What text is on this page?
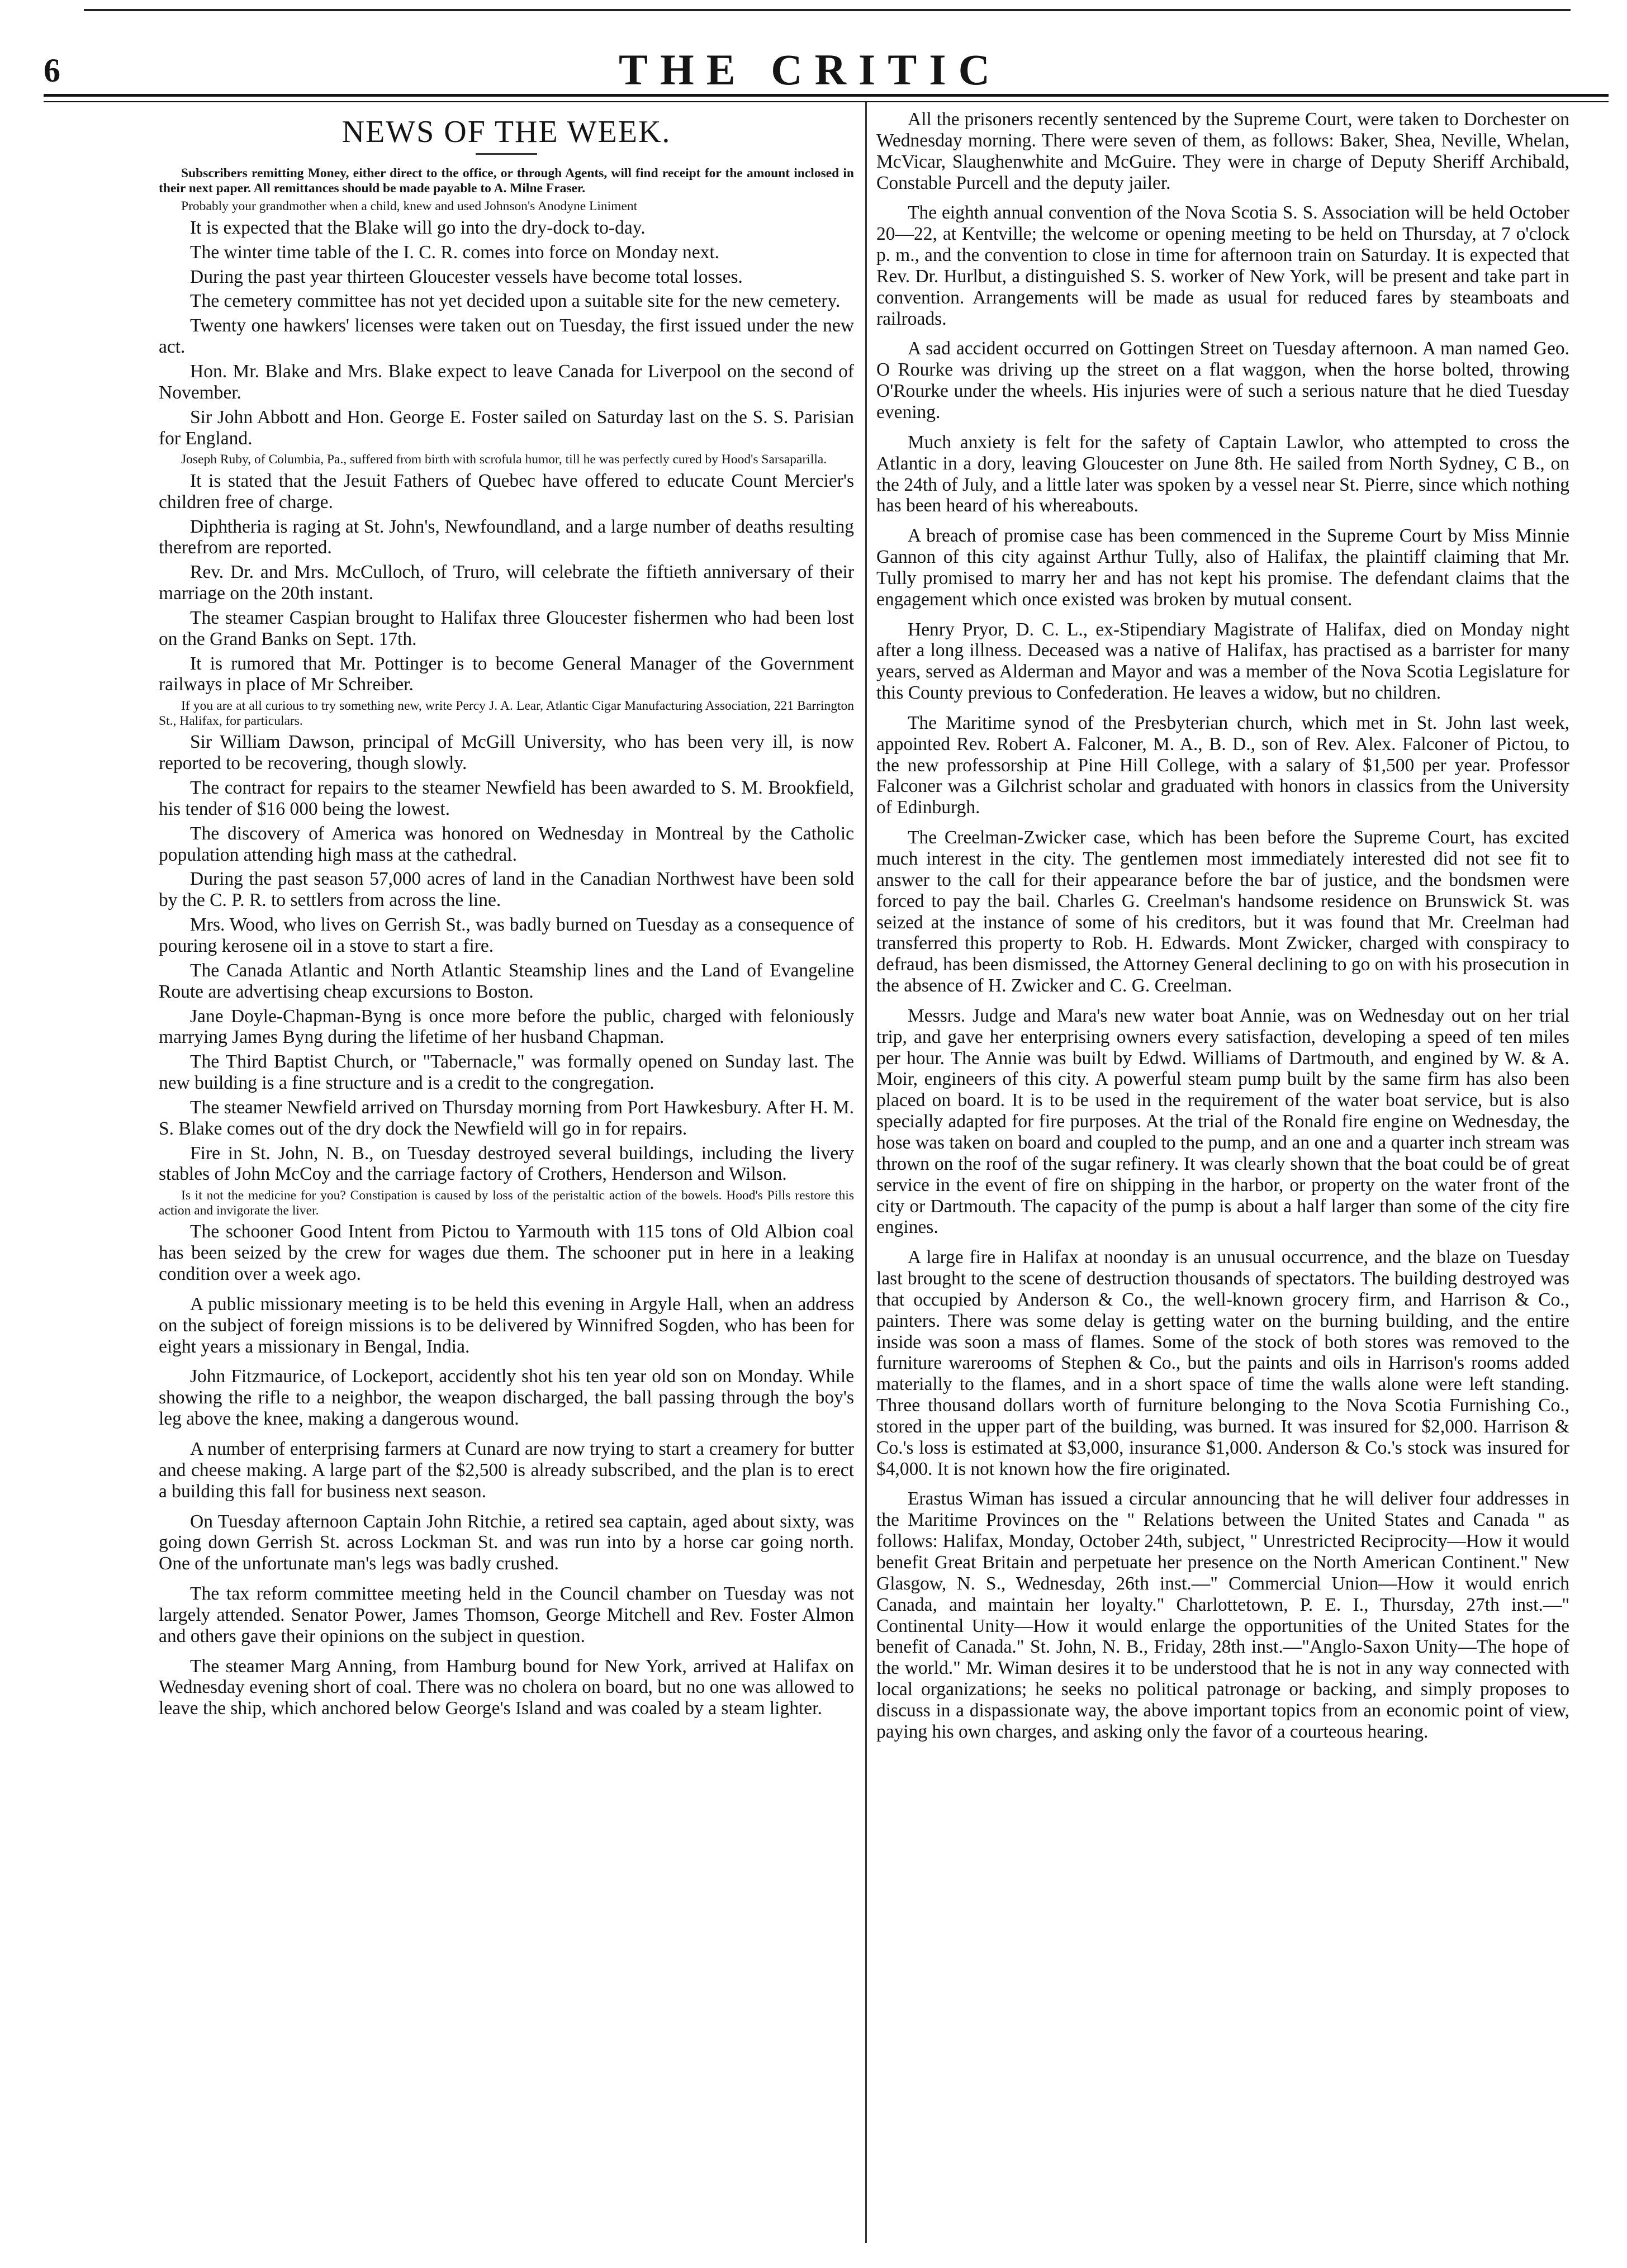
6	THE CRITIC
NEWS OF THE WEEK.

Subscribers remitting Money, either direct to the office, or through Agents, will find receipt for the amount inclosed in their next paper. All remittances should be made payable to A. Milne Fraser.

Probably your grandmother when a child, knew and used Johnson's Anodyne Liniment

It is expected that the Blake will go into the dry-dock to-day.

The winter time table of the I. C. R. comes into force on Monday next.

During the past year thirteen Gloucester vessels have become total losses.

The cemetery committee has not yet decided upon a suitable site for the new cemetery.

Twenty one hawkers' licenses were taken out on Tuesday, the first issued under the new act.

Hon. Mr. Blake and Mrs. Blake expect to leave Canada for Liverpool on the second of November.

Sir John Abbott and Hon. George E. Foster sailed on Saturday last on the S. S. Parisian for England.

Joseph Ruby, of Columbia, Pa., suffered from birth with scrofula humor, till he was perfectly cured by Hood's Sarsaparilla.

It is stated that the Jesuit Fathers of Quebec have offered to educate Count Mercier's children free of charge.

Diphtheria is raging at St. John's, Newfoundland, and a large number of deaths resulting therefrom are reported.

Rev. Dr. and Mrs. McCulloch, of Truro, will celebrate the fiftieth anniversary of their marriage on the 20th instant.

The steamer Caspian brought to Halifax three Gloucester fishermen who had been lost on the Grand Banks on Sept. 17th.

It is rumored that Mr. Pottinger is to become General Manager of the Government railways in place of Mr Schreiber.

If you are at all curious to try something new, write Percy J. A. Lear, Atlantic Cigar Manufacturing Association, 221 Barrington St., Halifax, for particulars.

Sir William Dawson, principal of McGill University, who has been very ill, is now reported to be recovering, though slowly.

The contract for repairs to the steamer Newfield has been awarded to S. M. Brookfield, his tender of $16 000 being the lowest.

The discovery of America was honored on Wednesday in Montreal by the Catholic population attending high mass at the cathedral.

During the past season 57,000 acres of land in the Canadian Northwest have been sold by the C. P. R. to settlers from across the line.

Mrs. Wood, who lives on Gerrish St., was badly burned on Tuesday as a consequence of pouring kerosene oil in a stove to start a fire.

The Canada Atlantic and North Atlantic Steamship lines and the Land of Evangeline Route are advertising cheap excursions to Boston.

Jane Doyle-Chapman-Byng is once more before the public, charged with feloniously marrying James Byng during the lifetime of her husband Chapman.

The Third Baptist Church, or "Tabernacle," was formally opened on Sunday last. The new building is a fine structure and is a credit to the congregation.

The steamer Newfield arrived on Thursday morning from Port Hawkesbury. After H. M. S. Blake comes out of the dry dock the Newfield will go in for repairs.

Fire in St. John, N. B., on Tuesday destroyed several buildings, including the livery stables of John McCoy and the carriage factory of Crothers, Henderson and Wilson.

Is it not the medicine for you? Constipation is caused by loss of the peristaltic action of the bowels. Hood's Pills restore this action and invigorate the liver.

The schooner Good Intent from Pictou to Yarmouth with 115 tons of Old Albion coal has been seized by the crew for wages due them. The schooner put in here in a leaking condition over a week ago.

A public missionary meeting is to be held this evening in Argyle Hall, when an address on the subject of foreign missions is to be delivered by Winnifred Sogden, who has been for eight years a missionary in Bengal, India.

John Fitzmaurice, of Lockeport, accidently shot his ten year old son on Monday. While showing the rifle to a neighbor, the weapon discharged, the ball passing through the boy's leg above the knee, making a dangerous wound.

A number of enterprising farmers at Cunard are now trying to start a creamery for butter and cheese making. A large part of the $2,500 is already subscribed, and the plan is to erect a building this fall for business next season.

On Tuesday afternoon Captain John Ritchie, a retired sea captain, aged about sixty, was going down Gerrish St. across Lockman St. and was run into by a horse car going north. One of the unfortunate man's legs was badly crushed.

The tax reform committee meeting held in the Council chamber on Tuesday was not largely attended. Senator Power, James Thomson, George Mitchell and Rev. Foster Almon and others gave their opinions on the subject in question.

The steamer Marg Anning, from Hamburg bound for New York, arrived at Halifax on Wednesday evening short of coal. There was no cholera on board, but no one was allowed to leave the ship, which anchored below George's Island and was coaled by a steam lighter.

All the prisoners recently sentenced by the Supreme Court, were taken to Dorchester on Wednesday morning. There were seven of them, as follows: Baker, Shea, Neville, Whelan, McVicar, Slaughenwhite and McGuire. They were in charge of Deputy Sheriff Archibald, Constable Purcell and the deputy jailer.

The eighth annual convention of the Nova Scotia S. S. Association will be held October 20—22, at Kentville; the welcome or opening meeting to be held on Thursday, at 7 o'clock p. m., and the convention to close in time for afternoon train on Saturday. It is expected that Rev. Dr. Hurlbut, a distinguished S. S. worker of New York, will be present and take part in convention. Arrangements will be made as usual for reduced fares by steamboats and railroads.

A sad accident occurred on Gottingen Street on Tuesday afternoon. A man named Geo. O Rourke was driving up the street on a flat waggon, when the horse bolted, throwing O'Rourke under the wheels. His injuries were of such a serious nature that he died Tuesday evening.

Much anxiety is felt for the safety of Captain Lawlor, who attempted to cross the Atlantic in a dory, leaving Gloucester on June 8th. He sailed from North Sydney, C B., on the 24th of July, and a little later was spoken by a vessel near St. Pierre, since which nothing has been heard of his whereabouts.

A breach of promise case has been commenced in the Supreme Court by Miss Minnie Gannon of this city against Arthur Tully, also of Halifax, the plaintiff claiming that Mr. Tully promised to marry her and has not kept his promise. The defendant claims that the engagement which once existed was broken by mutual consent.

Henry Pryor, D. C. L., ex-Stipendiary Magistrate of Halifax, died on Monday night after a long illness. Deceased was a native of Halifax, has practised as a barrister for many years, served as Alderman and Mayor and was a member of the Nova Scotia Legislature for this County previous to Confederation. He leaves a widow, but no children.

The Maritime synod of the Presbyterian church, which met in St. John last week, appointed Rev. Robert A. Falconer, M. A., B. D., son of Rev. Alex. Falconer of Pictou, to the new professorship at Pine Hill College, with a salary of $1,500 per year. Professor Falconer was a Gilchrist scholar and graduated with honors in classics from the University of Edinburgh.

The Creelman-Zwicker case, which has been before the Supreme Court, has excited much interest in the city. The gentlemen most immediately interested did not see fit to answer to the call for their appearance before the bar of justice, and the bondsmen were forced to pay the bail. Charles G. Creelman's handsome residence on Brunswick St. was seized at the instance of some of his creditors, but it was found that Mr. Creelman had transferred this property to Rob. H. Edwards. Mont Zwicker, charged with conspiracy to defraud, has been dismissed, the Attorney General declining to go on with his prosecution in the absence of H. Zwicker and C. G. Creelman.

Messrs. Judge and Mara's new water boat Annie, was on Wednesday out on her trial trip, and gave her enterprising owners every satisfaction, developing a speed of ten miles per hour. The Annie was built by Edwd. Williams of Dartmouth, and engined by W. & A. Moir, engineers of this city. A powerful steam pump built by the same firm has also been placed on board. It is to be used in the requirement of the water boat service, but is also specially adapted for fire purposes. At the trial of the Ronald fire engine on Wednesday, the hose was taken on board and coupled to the pump, and an one and a quarter inch stream was thrown on the roof of the sugar refinery. It was clearly shown that the boat could be of great service in the event of fire on shipping in the harbor, or property on the water front of the city or Dartmouth. The capacity of the pump is about a half larger than some of the city fire engines.

A large fire in Halifax at noonday is an unusual occurrence, and the blaze on Tuesday last brought to the scene of destruction thousands of spectators. The building destroyed was that occupied by Anderson & Co., the well-known grocery firm, and Harrison & Co., painters. There was some delay is getting water on the burning building, and the entire inside was soon a mass of flames. Some of the stock of both stores was removed to the furniture warerooms of Stephen & Co., but the paints and oils in Harrison's rooms added materially to the flames, and in a short space of time the walls alone were left standing. Three thousand dollars worth of furniture belonging to the Nova Scotia Furnishing Co., stored in the upper part of the building, was burned. It was insured for $2,000. Harrison & Co.'s loss is estimated at $3,000, insurance $1,000. Anderson & Co.'s stock was insured for $4,000. It is not known how the fire originated.

Erastus Wiman has issued a circular announcing that he will deliver four addresses in the Maritime Provinces on the " Relations between the United States and Canada " as follows: Halifax, Monday, October 24th, subject, " Unrestricted Reciprocity—How it would benefit Great Britain and perpetuate her presence on the North American Continent." New Glasgow, N. S., Wednesday, 26th inst.—" Commercial Union—How it would enrich Canada, and maintain her loyalty." Charlottetown, P. E. I., Thursday, 27th inst.—" Continental Unity—How it would enlarge the opportunities of the United States for the benefit of Canada." St. John, N. B., Friday, 28th inst.—"Anglo-Saxon Unity—The hope of the world." Mr. Wiman desires it to be understood that he is not in any way connected with local organizations; he seeks no political patronage or backing, and simply proposes to discuss in a dispassionate way, the above important topics from an economic point of view, paying his own charges, and asking only the favor of a courteous hearing.
